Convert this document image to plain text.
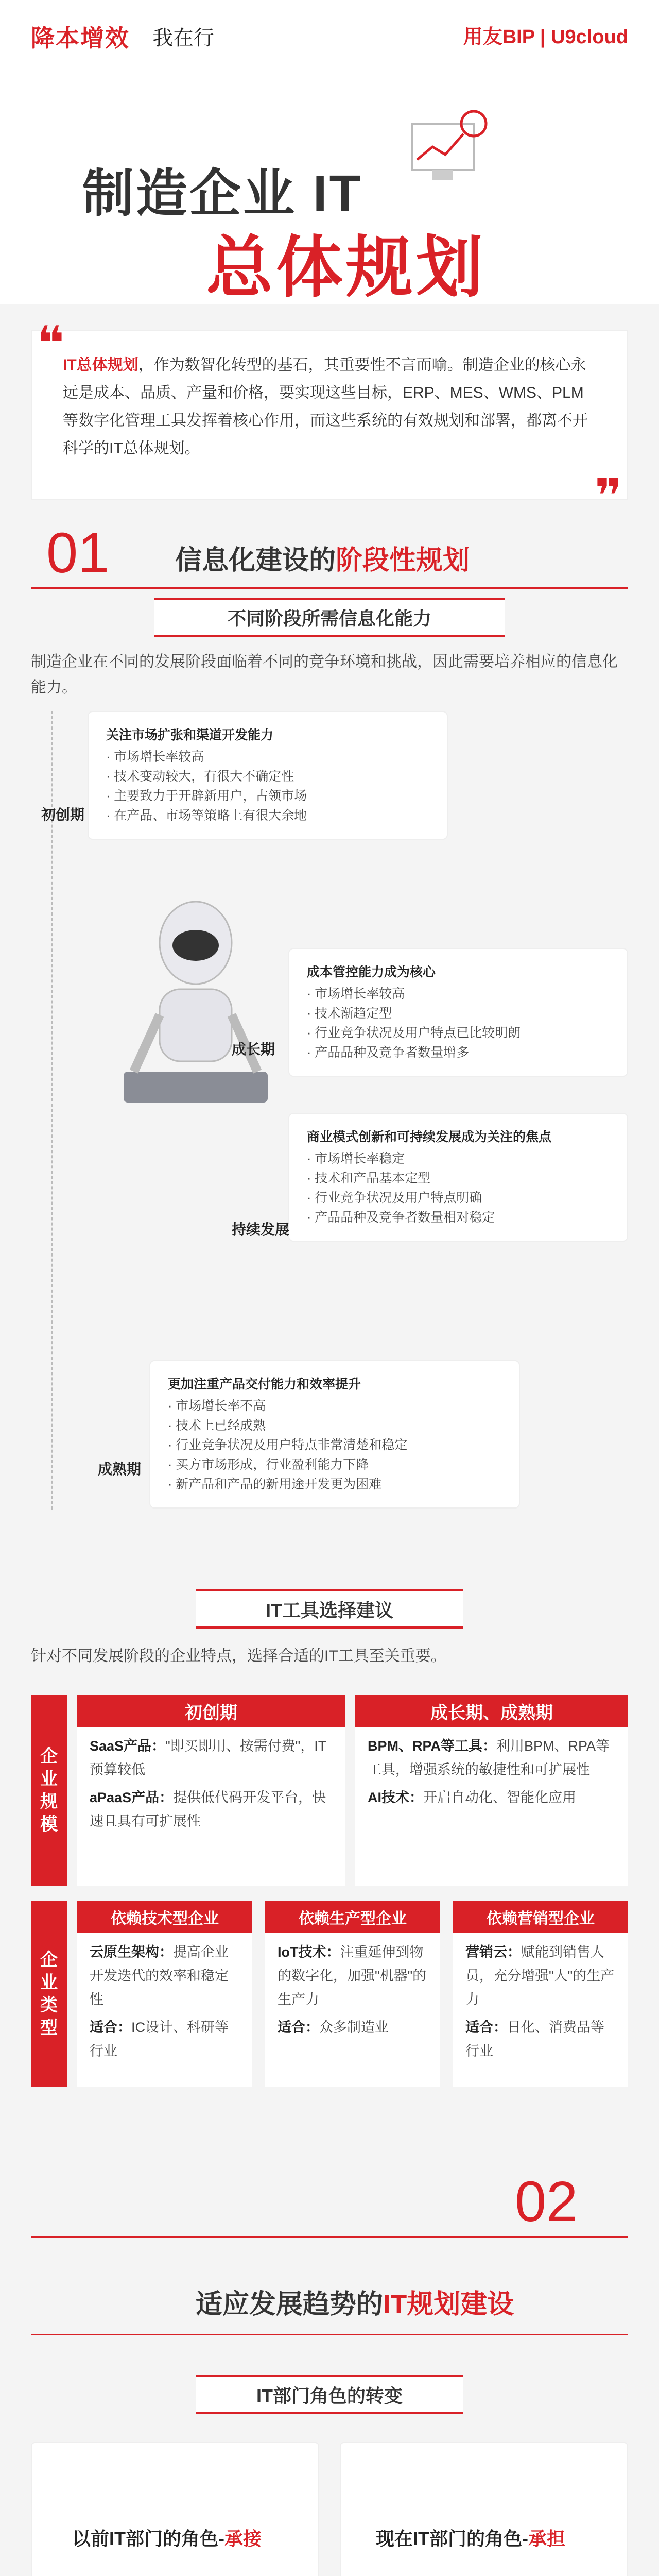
降本增效 我在行	用友BIP | U9cloud
制造企业 IT
总体规划
❝

IT总体规划，作为数智化转型的基石，其重要性不言而喻。制造企业的核心永远是成本、品质、产量和价格，要实现这些目标，ERP、MES、WMS、PLM等数字化管理工具发挥着核心作用，而这些系统的有效规划和部署，都离不开科学的IT总体规划。

❞
01 信息化建设的阶段性规划
不同阶段所需信息化能力
制造企业在不同的发展阶段面临着不同的竞争环境和挑战，因此需要培养相应的信息化能力。
关注市场扩张和渠道开发能力
· 市场增长率较高
· 技术变动较大，有很大不确定性
· 主要致力于开辟新用户，占领市场
· 在产品、市场等策略上有很大余地
初创期
成本管控能力成为核心
· 市场增长率较高
· 技术渐趋定型
· 行业竞争状况及用户特点已比较明朗
· 产品品种及竞争者数量增多
成长期
商业模式创新和可持续发展成为关注的焦点
· 市场增长率稳定
· 技术和产品基本定型
· 行业竞争状况及用户特点明确
· 产品品种及竞争者数量相对稳定
持续发展
更加注重产品交付能力和效率提升
· 市场增长率不高
· 技术上已经成熟
· 行业竞争状况及用户特点非常清楚和稳定
· 买方市场形成，行业盈利能力下降
· 新产品和产品的新用途开发更为困难
成熟期
IT工具选择建议
针对不同发展阶段的企业特点，选择合适的IT工具至关重要。
企业规模
初创期
SaaS产品："即买即用、按需付费"，IT预算较低
aPaaS产品：提供低代码开发平台，快速且具有可扩展性
成长期、成熟期
BPM、RPA等工具：利用BPM、RPA等工具，增强系统的敏捷性和可扩展性
AI技术：开启自动化、智能化应用
企业类型
依赖技术型企业
云原生架构：提高企业开发迭代的效率和稳定性
适合：IC设计、科研等行业
依赖生产型企业
IoT技术：注重延伸到物的数字化，加强"机器"的生产力
适合：众多制造业
依赖营销型企业
营销云：赋能到销售人员，充分增强"人"的生产力
适合：日化、消费品等行业
02
适应发展趋势的IT规划建设
IT部门角色的转变
以前IT部门的角色-承接	现在IT部门的角色-承担
